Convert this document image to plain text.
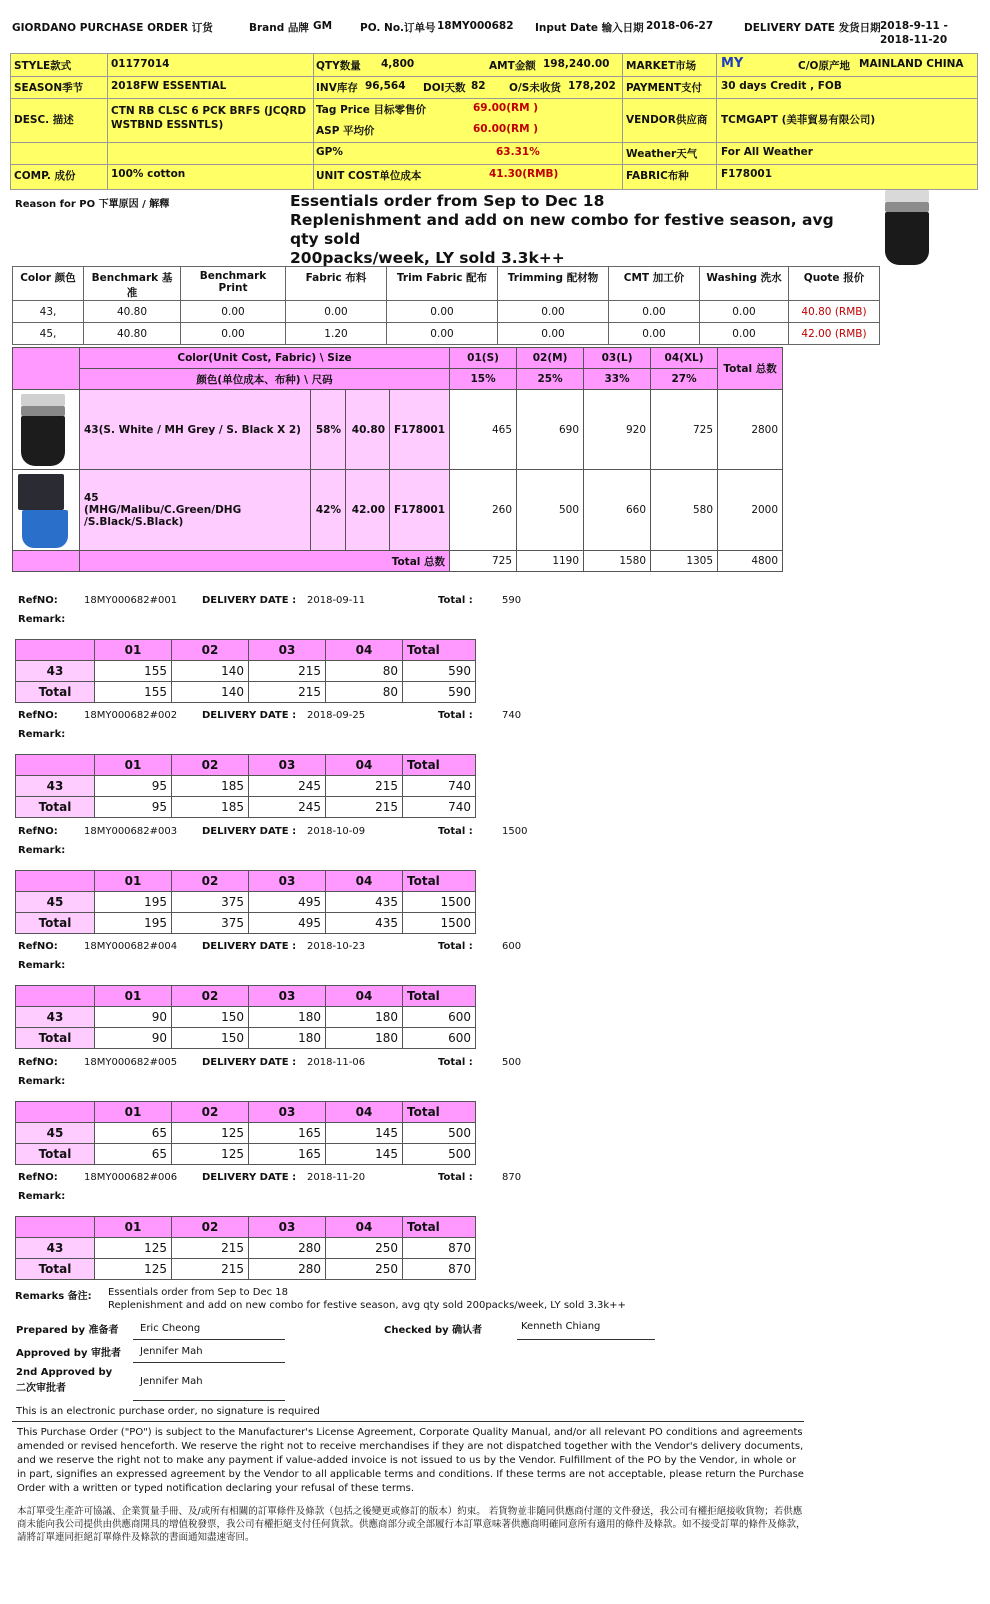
GIORDANO PURCHASE ORDER 订货	Brand 品牌 GM	PO. No.订单号 18MY000682 Input Date 输入日期 2018-06-27	DELIVERY DATE 发货日期 2018-9-11 -
2018-11-20
STYLE款式	01177014
SEASON季节	2018FW ESSENTIAL
DESC. 描述
CTN RB CLSC 6 PCK BRFS (JCQRD
WSTBND ESSNTLS)
COMP. 成份	100% cotton
QTY数量 4,800	AMT金额 198,240.00
INV库存 96,564 DOI天数 82 O/S未收货 178,202
Tag Price 目标零售价	69.00(RM )
ASP 平均价	60.00(RM )
GP%	63.31%
UNIT COST单位成本	41.30(RMB)
MARKET市场 MY	C/O原产地 MAINLAND CHINA
PAYMENT支付 30 days Credit , FOB
VENDOR供应商 TCMGAPT (美菲貿易有限公司)
Weather天气 For All Weather
FABRIC布种	F178001
Reason for PO 下單原因 / 解釋	Essentials order from Sep to Dec 18
Replenishment and add on new combo for festive season, avg qty sold
200packs/week, LY sold 3.3k++
Color 颜色	Benchmark 基准	Benchmark Print	Fabric 布料	Trim Fabric 配布	Trimming 配材物	CMT 加工价	Washing 洗水	Quote 报价
43,	40.80	0.00	0.00	0.00	0.00	0.00	0.00	40.80 (RMB)
45,	40.80	0.00	1.20	0.00	0.00	0.00	0.00	42.00 (RMB)
	Color(Unit Cost, Fabric) \ Size				01(S)	02(M)	03(L)	04(XL)	Total 总数
	颜色(单位成本、布种) \ 尺码				15%	25%	33%	27%	

	43(S. White / MH Grey / S. Black X 2)	58%	40.80	F178001	465	690	920	725	2800

	45
(MHG/Malibu/C.Green/DHG /S.Black/S.Black)	42%	42.00	F178001	260	500	660	580	2000
	Total 总数				725	1190	1580	1305	4800
RefNO:	18MY000682#001 DELIVERY DATE : 2018-09-11	Total :	590
Remark:
	01	02	03	04	Total
43	155	140	215	80	590
Total	155	140	215	80	590
RefNO:	18MY000682#002 DELIVERY DATE : 2018-09-25	Total :	740
Remark:
	01	02	03	04	Total
43	95	185	245	215	740
Total	95	185	245	215	740
RefNO:	18MY000682#003 DELIVERY DATE : 2018-10-09	Total :	1500
Remark:
	01	02	03	04	Total
45	195	375	495	435	1500
Total	195	375	495	435	1500
RefNO:	18MY000682#004 DELIVERY DATE : 2018-10-23	Total :	600
Remark:
	01	02	03	04	Total
43	90	150	180	180	600
Total	90	150	180	180	600
RefNO:	18MY000682#005 DELIVERY DATE : 2018-11-06	Total :	500
Remark:
	01	02	03	04	Total
45	65	125	165	145	500
Total	65	125	165	145	500
RefNO:	18MY000682#006 DELIVERY DATE : 2018-11-20	Total :	870
Remark:
	01	02	03	04	Total
43	125	215	280	250	870
Total	125	215	280	250	870
Remarks 备注: Essentials order from Sep to Dec 18
Replenishment and add on new combo for festive season, avg qty sold 200packs/week, LY sold 3.3k++
Prepared by 准备者 Eric Cheong	Checked by 确认者	Kenneth Chiang
Approved by 审批者 Jennifer Mah
2nd Approved by
二次审批者
Jennifer Mah
This is an electronic purchase order, no signature is required
This Purchase Order ("PO") is subject to the Manufacturer's License Agreement, Corporate Quality Manual, and/or all relevant PO conditions and agreements amended or revised henceforth. We reserve the right not to receive merchandises if they are not dispatched together with the Vendor's delivery documents, and we reserve the right not to make any payment if value-added invoice is not issued to us by the Vendor. Fulfillment of the PO by the Vendor, in whole or in part, signifies an expressed agreement by the Vendor to all applicable terms and conditions. If these terms are not acceptable, please return the Purchase Order with a written or typed notification declaring your refusal of these terms.
本訂單受生產許可協議、企業質量手冊、及/或所有相關的訂單條件及條款（包括之後變更或修訂的版本）約束。 若貨物並非隨同供應商付運的文件發送，我公司有權拒絕接收貨物；若供應商未能向我公司提供由供應商開具的增值稅發票，我公司有權拒絕支付任何貨款。供應商部分或全部履行本訂單意味著供應商明確同意所有適用的條件及條款。如不接受訂單的條件及條款，請將訂單連同拒絕訂單條件及條款的書面通知盡速寄回。
